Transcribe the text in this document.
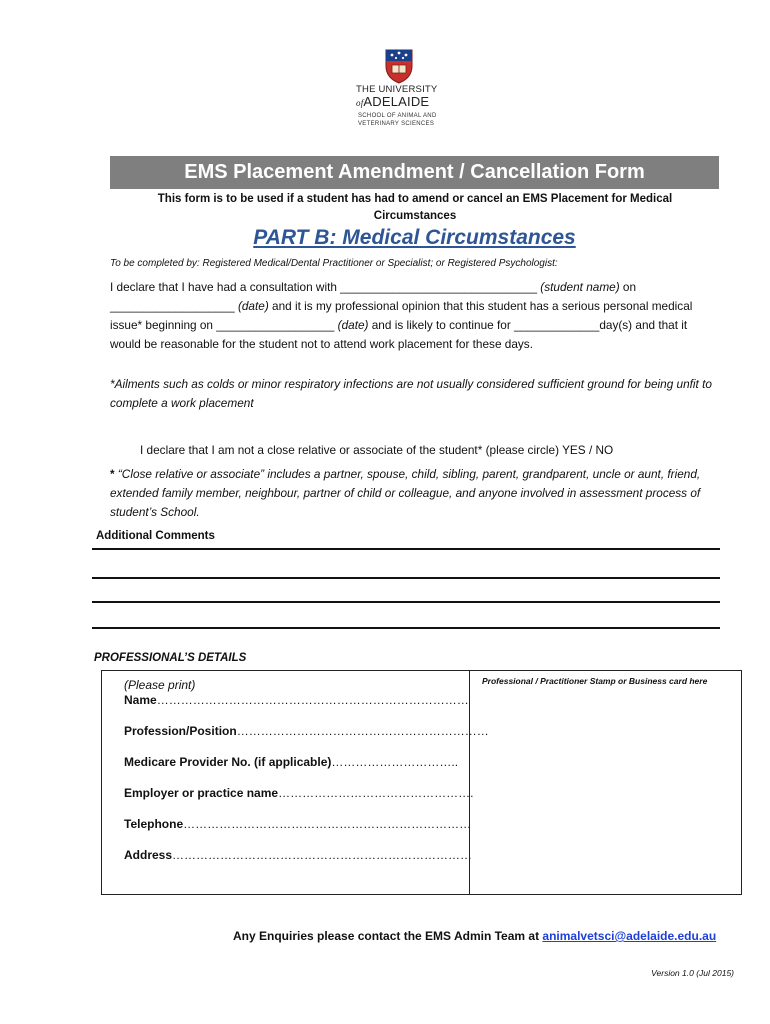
THE UNIVERSITY
ofADELAIDE
SCHOOL OF ANIMAL AND
VETERINARY SCIENCES
EMS Placement Amendment / Cancellation Form
This form is to be used if a student has had to amend or cancel an EMS Placement for Medical Circumstances
PART B: Medical Circumstances
To be completed by: Registered Medical/Dental Practitioner or Specialist; or Registered Psychologist:
I declare that I have had a consultation with ______________________________ (student name) on ___________________ (date) and it is my professional opinion that this student has a serious personal medical issue* beginning on __________________ (date) and is likely to continue for _____________day(s) and that it would be reasonable for the student not to attend work placement for these days.
*Ailments such as colds or minor respiratory infections are not usually considered sufficient ground for being unfit to complete a work placement
I declare that I am not a close relative or associate of the student* (please circle) YES / NO
* “Close relative or associate” includes a partner, spouse, child, sibling, parent, grandparent, uncle or aunt, friend, extended family member, neighbour, partner of child or colleague, and anyone involved in assessment process of student’s School.
Additional Comments
PROFESSIONAL’S DETAILS
(Please print)
Name……………………………………………………………………
Profession/Position………………………………………………………
Medicare Provider No. (if applicable)…………………………..
Employer or practice name………………………………………….
Telephone………………………………………………………………
Address…………………………………………………………………
Professional / Practitioner Stamp or Business card here
Any Enquiries please contact the EMS Admin Team at animalvetsci@adelaide.edu.au
Version 1.0 (Jul 2015)
